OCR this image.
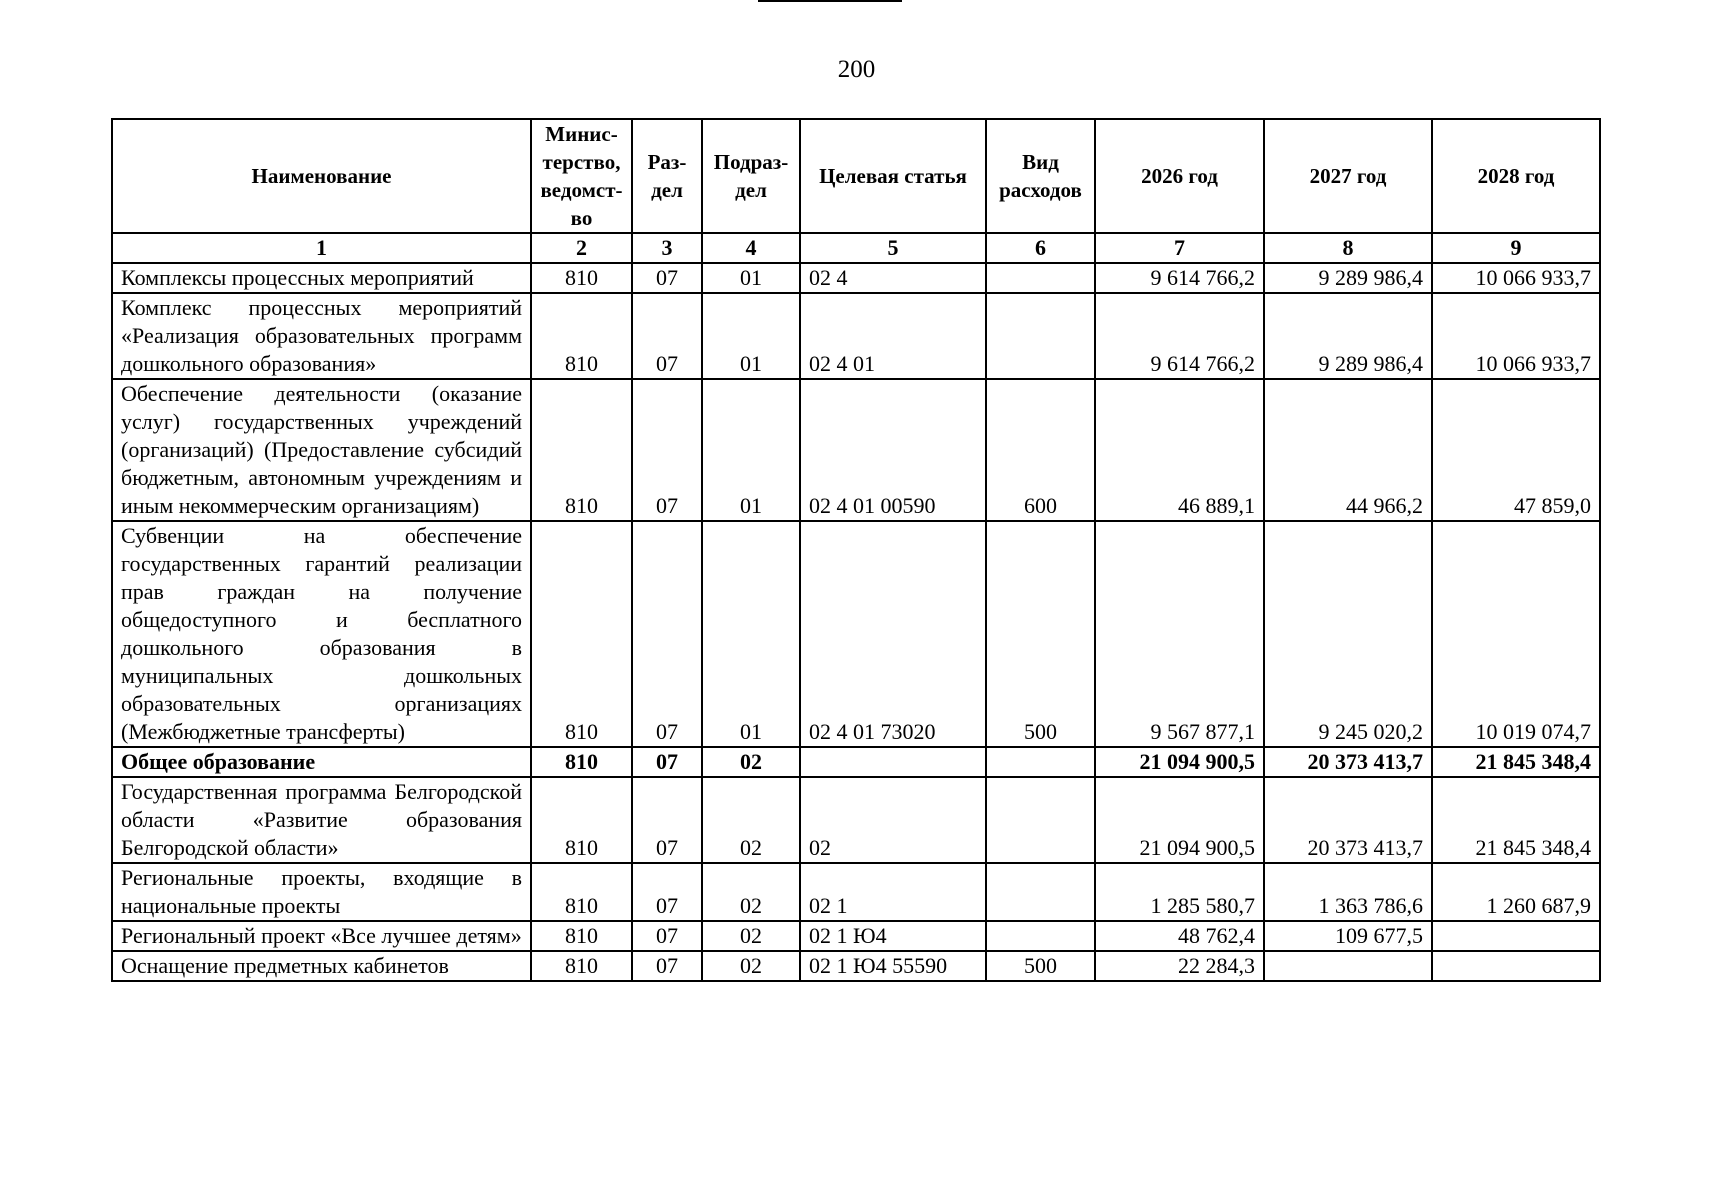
200
Наименование	Минис-терство, ведомст-во	Раз-дел	Подраз-дел	Целевая статья	Вид расходов	2026 год	2027 год	2028 год
1	2	3	4	5	6	7	8	9
Комплексы процессных мероприятий	810	07	01	02 4		9 614 766,2	9 289 986,4	10 066 933,7
Комплекс процессных мероприятий «Реализация образовательных программ дошкольного образования»	810	07	01	02 4 01		9 614 766,2	9 289 986,4	10 066 933,7
Обеспечение деятельности (оказание услуг) государственных учреждений (организаций) (Предоставление субсидий бюджетным, автономным учреждениям и иным некоммерческим организациям)	810	07	01	02 4 01 00590	600	46 889,1	44 966,2	47 859,0
Субвенции на обеспечение государственных гарантий реализации прав граждан на получение общедоступного и бесплатного дошкольного образования в муниципальных дошкольных образовательных организациях (Межбюджетные трансферты)	810	07	01	02 4 01 73020	500	9 567 877,1	9 245 020,2	10 019 074,7
Общее образование	810	07	02			21 094 900,5	20 373 413,7	21 845 348,4
Государственная программа Белгородской области «Развитие образования Белгородской области»	810	07	02	02		21 094 900,5	20 373 413,7	21 845 348,4
Региональные проекты, входящие в национальные проекты	810	07	02	02 1		1 285 580,7	1 363 786,6	1 260 687,9
Региональный проект «Все лучшее детям»	810	07	02	02 1 Ю4		48 762,4	109 677,5	
Оснащение предметных кабинетов	810	07	02	02 1 Ю4 55590	500	22 284,3		
